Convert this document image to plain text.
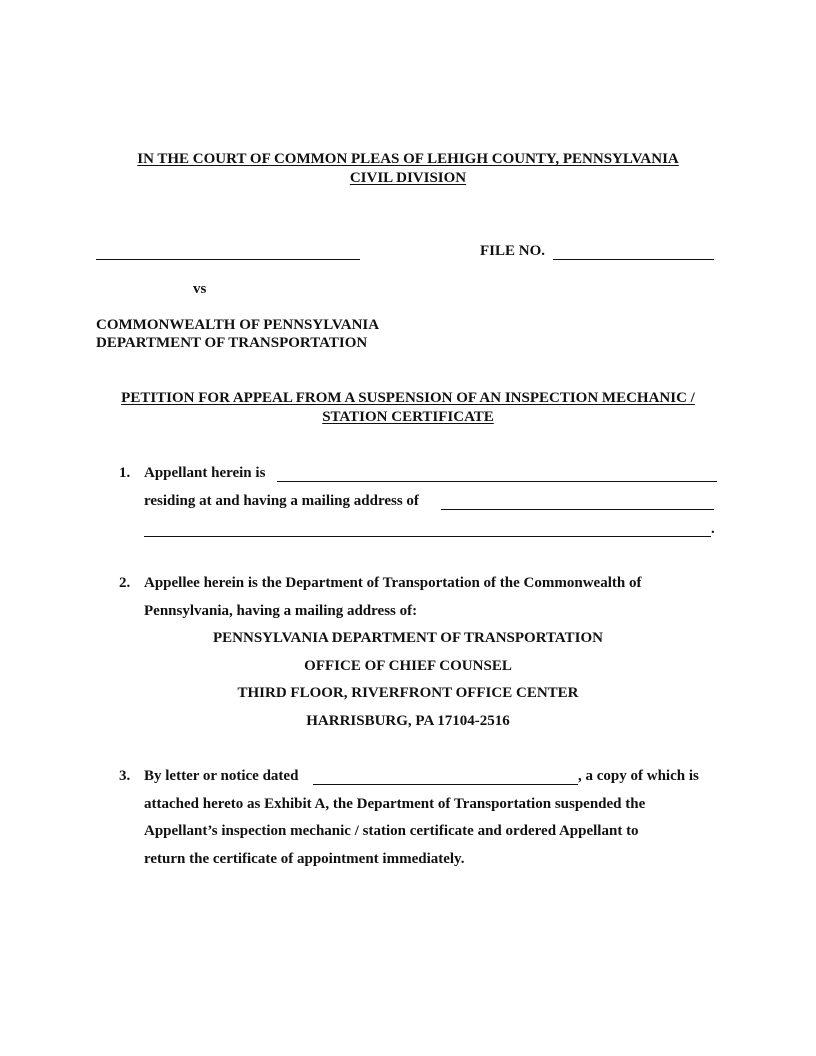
IN THE COURT OF COMMON PLEAS OF LEHIGH COUNTY, PENNSYLVANIA
CIVIL DIVISION
FILE NO.
vs
COMMONWEALTH OF PENNSYLVANIA
DEPARTMENT OF TRANSPORTATION
PETITION FOR APPEAL FROM A SUSPENSION OF AN INSPECTION MECHANIC /
STATION CERTIFICATE
1. Appellant herein is
residing at and having a mailing address of
.
2. Appellee herein is the Department of Transportation of the Commonwealth of
Pennsylvania, having a mailing address of:
PENNSYLVANIA DEPARTMENT OF TRANSPORTATION
OFFICE OF CHIEF COUNSEL
THIRD FLOOR, RIVERFRONT OFFICE CENTER
HARRISBURG, PA 17104-2516
3. By letter or notice dated	, a copy of which is
attached hereto as Exhibit A, the Department of Transportation suspended the
Appellant’s inspection mechanic / station certificate and ordered Appellant to
return the certificate of appointment immediately.
